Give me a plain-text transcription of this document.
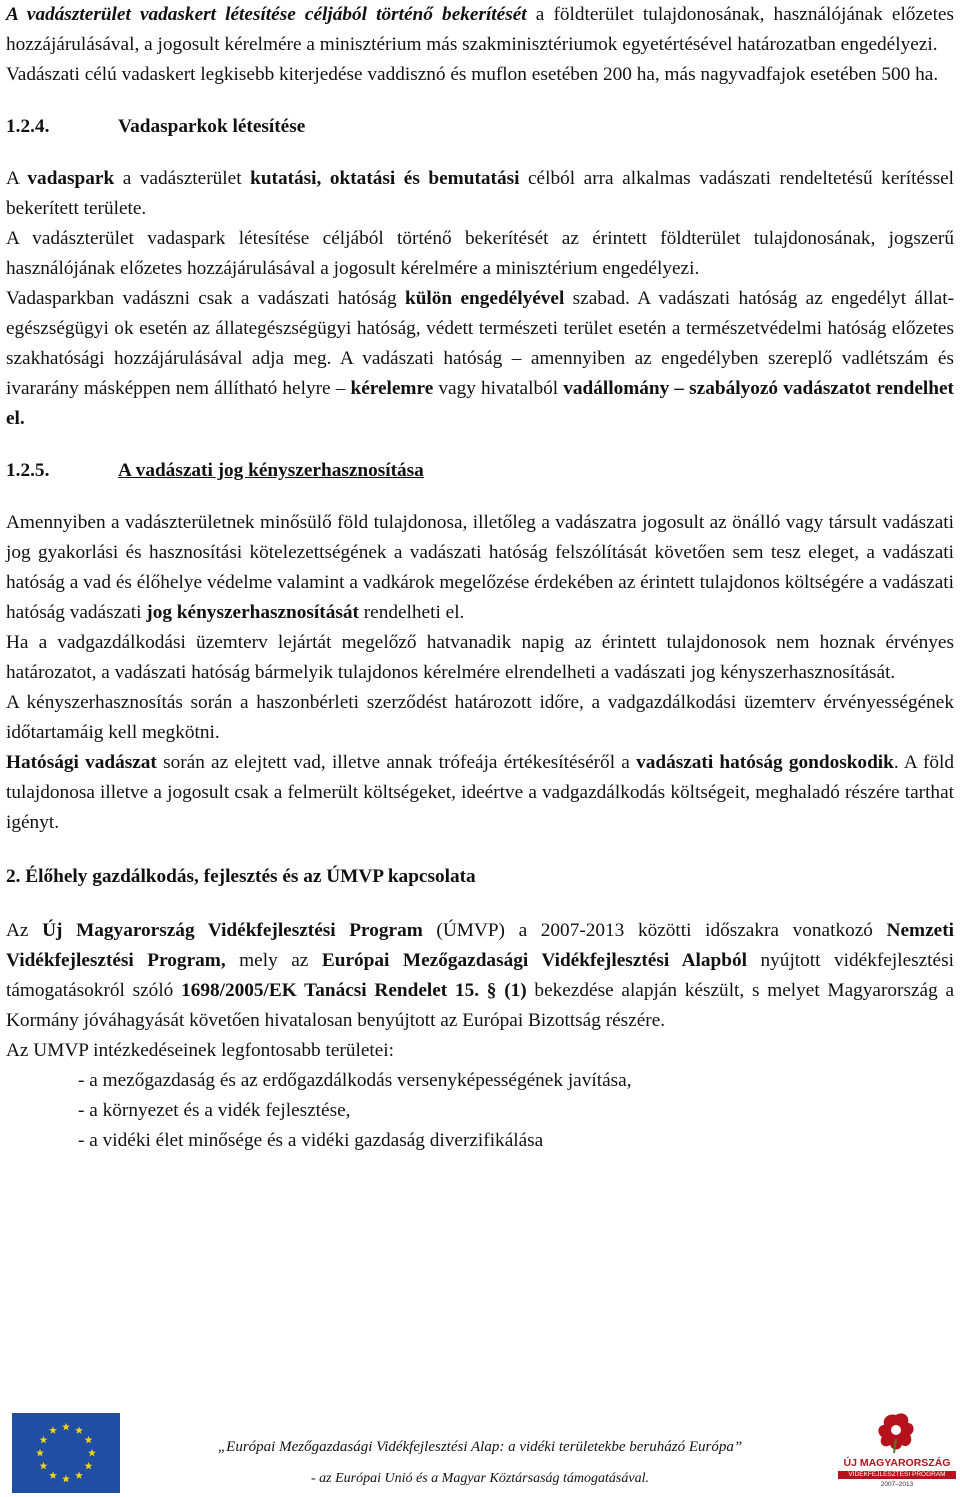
A vadászterület vadaskert létesítése céljából történő bekerítését a földterület tulajdonosának, használójának előzetes hozzájárulásával, a jogosult kérelmére a minisztérium más szakminisztériumok egyetértésével határozatban engedélyezi.

Vadászati célú vadaskert legkisebb kiterjedése vaddisznó és muflon esetében 200 ha, más nagyvadfajok esetében 500 ha.

1.2.4.	Vadasparkok létesítése

A vadaspark a vadászterület kutatási, oktatási és bemutatási célból arra alkalmas vadászati rendeltetésű kerítéssel bekerített területe.

A vadászterület vadaspark létesítése céljából történő bekerítését az érintett földterület tulajdonosának, jogszerű használójának előzetes hozzájárulásával a jogosult kérelmére a minisztérium engedélyezi.

Vadasparkban vadászni csak a vadászati hatóság külön engedélyével szabad. A vadászati hatóság az engedélyt állat-egészségügyi ok esetén az állategészségügyi hatóság, védett természeti terület esetén a természetvédelmi hatóság előzetes szakhatósági hozzájárulásával adja meg. A vadászati hatóság – amennyiben az engedélyben szereplő vadlétszám és ivararány másképpen nem állítható helyre – kérelemre vagy hivatalból vadállomány – szabályozó vadászatot rendelhet el.

1.2.5.	A vadászati jog kényszerhasznosítása

Amennyiben a vadászterületnek minősülő föld tulajdonosa, illetőleg a vadászatra jogosult az önálló vagy társult vadászati jog gyakorlási és hasznosítási kötelezettségének a vadászati hatóság felszólítását követően sem tesz eleget, a vadászati hatóság a vad és élőhelye védelme valamint a vadkárok megelőzése érdekében az érintett tulajdonos költségére a vadászati hatóság vadászati jog kényszerhasznosítását rendelheti el.

Ha a vadgazdálkodási üzemterv lejártát megelőző hatvanadik napig az érintett tulajdonosok nem hoznak érvényes határozatot, a vadászati hatóság bármelyik tulajdonos kérelmére elrendelheti a vadászati jog kényszerhasznosítását.

A kényszerhasznosítás során a haszonbérleti szerződést határozott időre, a vadgazdálkodási üzemterv érvényességének időtartamáig kell megkötni.

Hatósági vadászat során az elejtett vad, illetve annak trófeája értékesítéséről a vadászati hatóság gondoskodik. A föld tulajdonosa illetve a jogosult csak a felmerült költségeket, ideértve a vadgazdálkodás költségeit, meghaladó részére tarthat igényt.

2. Élőhely gazdálkodás, fejlesztés és az ÚMVP kapcsolata

Az Új Magyarország Vidékfejlesztési Program (ÚMVP) a 2007-2013 közötti időszakra vonatkozó Nemzeti Vidékfejlesztési Program, mely az Európai Mezőgazdasági Vidékfejlesztési Alapból nyújtott vidékfejlesztési támogatásokról szóló 1698/2005/EK Tanácsi Rendelet 15. § (1) bekezdése alapján készült, s melyet Magyarország a Kormány jóváhagyását követően hivatalosan benyújtott az Európai Bizottság részére.

Az UMVP intézkedéseinek legfontosabb területei:

- a mezőgazdaság és az erdőgazdálkodás versenyképességének javítása,
- a környezet és a vidék fejlesztése,
- a vidéki élet minősége és a vidéki gazdaság diverzifikálása
„Európai Mezőgazdasági Vidékfejlesztési Alap: a vidéki területekbe beruházó Európa”
- az Európai Unió és a Magyar Köztársaság támogatásával.
ÚJ MAGYARORSZÁG
VIDÉKFEJLESZTÉSI PROGRAM
2007–2013
